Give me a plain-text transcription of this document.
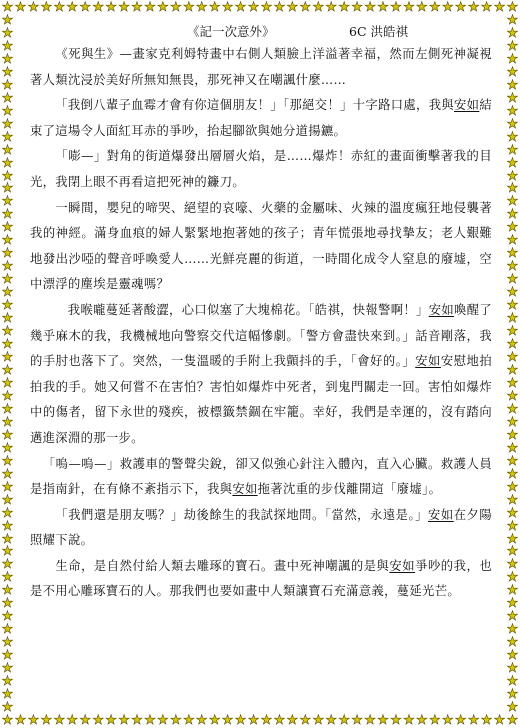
★
★
★
★
★
★
★
★
★
★
★
★
★
★
★
★
★
★
★
★
★
★
★
★
★
★
★
★
★
★
★
★
★
★
★
★
★
★
★
★
★
★
★
★
★
★
★
★
★
★
★
★
★
★
★
★
★
★
★
★
★
★
★
★
★
★
★
★
★
★
★
★
★
★
★
★
★
★
★
★
★	★
★	★
★	★
★	★
★	★
★	★
★	★
★	★
★	★
★	★
★	★
★	★
★	★
★	★
★	★
★	★
★	★
★	★
★	★
★	★
★	★
★	★
★	★
★	★
★	★
★	★
★	★
★	★
★	★
★	★
★	★
★	★
★	★
★	★
★	★
★	★
★	★
★	★
★	★
★	★
★	★
★	★
★	★
★	★
★	★
★	★
★	★
★	★
★	★
★	★
★	★
★	★
★	★
★	★
《記一次意外》	6C 洪皓祺

《死與生》—畫家克利姆特畫中右側人類臉上洋溢著幸福，然而左側死神凝視著人類沈浸於美好所無知無畏，那死神又在嘲諷什麼……

「我倒八輩子血霉才會有你這個朋友！」「那絕交！」十字路口處，我與安如結束了這場令人面紅耳赤的爭吵，抬起腳欲與她分道揚鑣。

「嘭—」對角的街道爆發出層層火焰，是……爆炸！赤紅的畫面衝擊著我的目光，我閉上眼不再看這把死神的鐮刀。

一瞬間，嬰兒的啼哭、絕望的哀嚎、火藥的金屬味、火辣的溫度瘋狂地侵襲著我的神經。滿身血痕的婦人緊緊地抱著她的孩子；青年慌張地尋找摯友；老人艱難地發出沙啞的聲音呼喚愛人……光鮮亮麗的街道，一時間化成令人窒息的廢墟，空中漂浮的塵埃是靈魂嗎？

我喉嚨蔓延著酸澀，心口似塞了大塊棉花。「皓祺，快報警啊！」安如喚醒了幾乎麻木的我，我機械地向警察交代這幅慘劇。「警方會盡快來到。」話音剛落，我的手肘也落下了。突然，一隻溫暖的手附上我顫抖的手，「會好的。」安如安慰地拍拍我的手。她又何嘗不在害怕？害怕如爆炸中死者，到鬼門關走一回。害怕如爆炸中的傷者，留下永世的殘疾，被標籤禁錮在牢籠。幸好，我們是幸運的，沒有踏向邁進深淵的那一步。

「嗚—嗚—」救護車的警聲尖銳，卻又似強心針注入體內，直入心臟。救護人員是指南針，在有條不紊指示下，我與安如拖著沈重的步伐離開這「廢墟」。

「我們還是朋友嗎？」劫後餘生的我試探地問。「當然，永遠是。」安如在夕陽照耀下說。

生命，是自然付給人類去雕琢的寶石。畫中死神嘲諷的是與安如爭吵的我，也是不用心雕琢寶石的人。那我們也要如畫中人類讓寶石充滿意義，蔓延光芒。
